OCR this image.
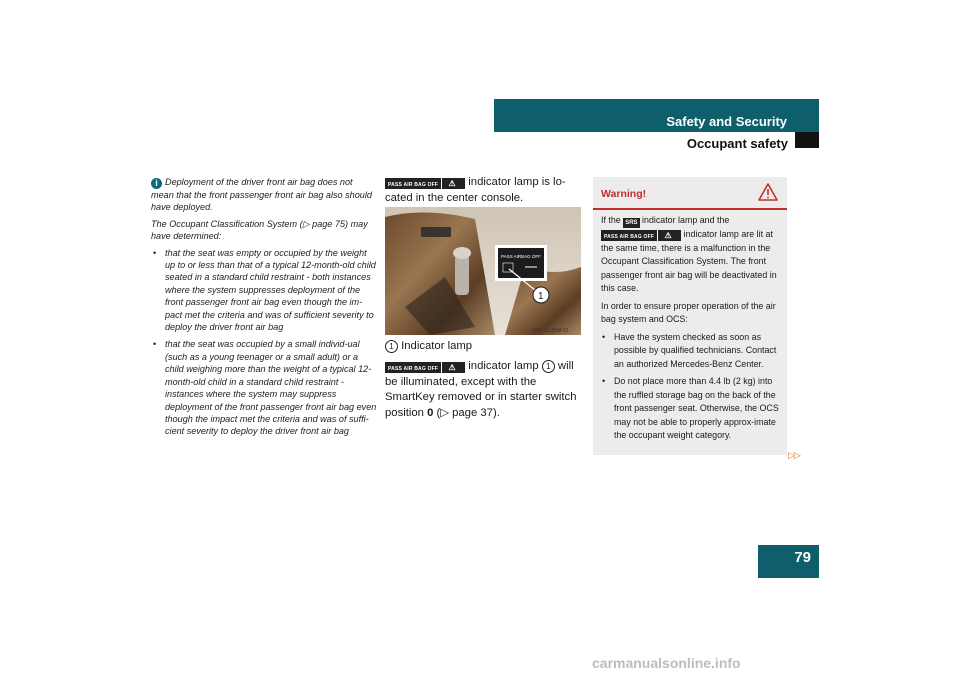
Safety and Security
Occupant safety

i Deployment of the driver front air bag does not mean that the front passenger front air bag also should have deployed.

The Occupant Classification System (▷ page 75) may have determined:

• that the seat was empty or occupied by the weight up to or less than that of a typical 12-month-old child seated in a standard child restraint - both instances where the system suppresses deployment of the front passenger front air bag even though the im-pact met the criteria and was of sufficient severity to deploy the driver front air bag
• that the seat was occupied by a small individ-ual (such as a young teenager or a small adult) or a child weighing more than the weight of a typical 12-month-old child in a standard child restraint - instances where the system may suppress deployment of the front passenger front air bag even though the impact met the criteria and was of suffi-cient severity to deploy the driver front air bag
PASS AIR BAG OFF ⚠ indicator lamp is lo-cated in the center console.
PASS AIRBAG OFF
1
P54.10-3558-31
1 Indicator lamp
PASS AIR BAG OFF ⚠ indicator lamp 1 will be illuminated, except with the SmartKey removed or in starter switch position 0 (▷ page 37).
Warning!

If the SRS indicator lamp and the PASS AIR BAG OFF ⚠ indicator lamp are lit at the same time, there is a malfunction in the Occupant Classification System. The front passenger front air bag will be deactivated in this case.

In order to ensure proper operation of the air bag system and OCS:

• Have the system checked as soon as possible by qualified technicians. Contact an authorized Mercedes-Benz Center.
• Do not place more than 4.4 lb (2 kg) into the ruffled storage bag on the back of the front passenger seat. Otherwise, the OCS may not be able to properly approx-imate the occupant weight category.
▷▷
79
carmanualsonline.info
